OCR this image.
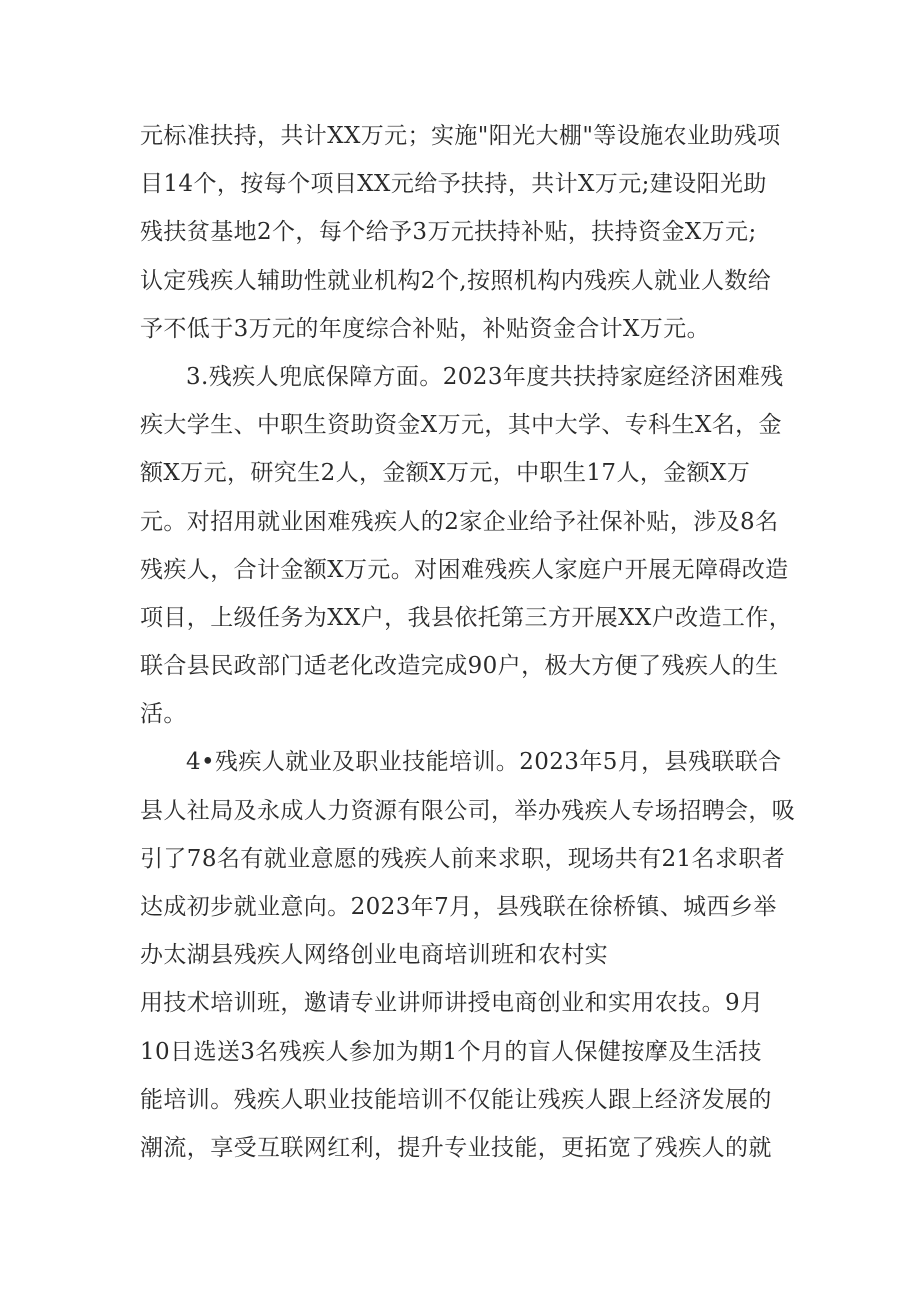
元标准扶持，共计XX万元；实施"阳光大棚"等设施农业助残项
目14个，按每个项目XX元给予扶持，共计X万元;建设阳光助
残扶贫基地2个，每个给予3万元扶持补贴，扶持资金X万元;
认定残疾人辅助性就业机构2个,按照机构内残疾人就业人数给
予不低于3万元的年度综合补贴，补贴资金合计X万元。
3.残疾人兜底保障方面。2023年度共扶持家庭经济困难残
疾大学生、中职生资助资金X万元，其中大学、专科生X名，金
额X万元，研究生2人，金额X万元，中职生17人，金额X万
元。对招用就业困难残疾人的2家企业给予社保补贴，涉及8名
残疾人，合计金额X万元。对困难残疾人家庭户开展无障碍改造
项目，上级任务为XX户，我县依托第三方开展XX户改造工作，
联合县民政部门适老化改造完成90户，极大方便了残疾人的生
活。
4•残疾人就业及职业技能培训。2023年5月，县残联联合
县人社局及永成人力资源有限公司，举办残疾人专场招聘会，吸
引了78名有就业意愿的残疾人前来求职，现场共有21名求职者
达成初步就业意向。2023年7月，县残联在徐桥镇、城西乡举
办太湖县残疾人网络创业电商培训班和农村实
用技术培训班，邀请专业讲师讲授电商创业和实用农技。9月
10日选送3名残疾人参加为期1个月的盲人保健按摩及生活技
能培训。残疾人职业技能培训不仅能让残疾人跟上经济发展的
潮流，享受互联网红利，提升专业技能，更拓宽了残疾人的就
